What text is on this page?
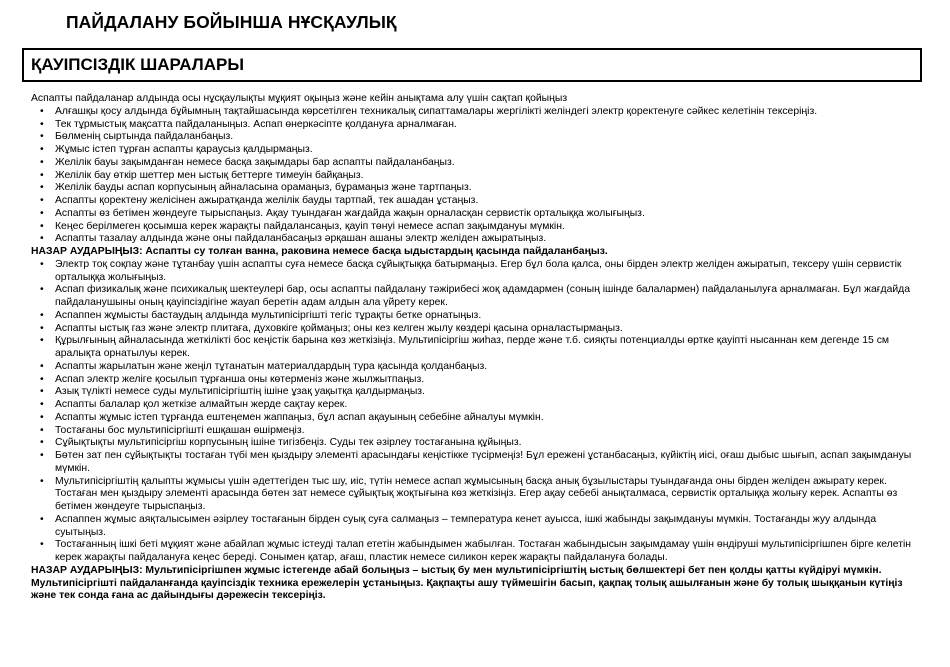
ПАЙДАЛАНУ БОЙЫНША НҰСҚАУЛЫҚ
ҚАУІПСІЗДІК ШАРАЛАРЫ

Аспапты пайдаланар алдында осы нұсқаулықты мұқият оқыңыз және кейін анықтама алу үшін сақтап қойыңыз

• Алғашқы қосу алдында бұйымның тақтайшасында көрсетілген техникалық сипаттамалары жергілікті желіндегі электр қоректенуге сәйкес келетінін тексеріңіз.
• Тек тұрмыстық мақсатта пайдаланыңыз. Аспап өнеркәсіпте қолдануға арналмаған.
• Бөлменің сыртында пайдаланбаңыз.
• Жұмыс істеп тұрған аспапты қараусыз қалдырмаңыз.
• Желілік бауы зақымданған немесе басқа зақымдары бар аспапты пайдаланбаңыз.
• Желілік бау өткір шеттер мен ыстық беттерге тимеуін байқаңыз.
• Желілік бауды аспап корпусының айналасына орамаңыз, бұрамаңыз және тартпаңыз.
• Аспапты қоректену желісінен ажыратқанда желілік бауды тартпай, тек ашадан ұстаңыз.
• Аспапты өз бетімен жөндеуге тырыспаңыз. Ақау туындаған жағдайда жақын орналасқан сервистік орталыққа жолығыңыз.
• Кеңес берілмеген қосымша керек жарақты пайдалансаңыз, қауіп төнуі немесе аспап зақымдануы мүмкін.
• Аспапты тазалау алдында және оны пайдаланбасаңыз әрқашан ашаны электр желіден ажыратыңыз.

НАЗАР АУДАРЫҢЫЗ: Аспапты су толған ванна, раковина немесе басқа ыдыстардың қасында пайдаланбаңыз.

• Электр тоқ соқпау және тұтанбау үшін аспапты суға немесе басқа сұйықтыққа батырмаңыз. Егер бұл бола қалса, оны бірден электр желіден ажыратып, тексеру үшін сервистік орталыққа жолығыңыз.
• Аспап физикалық және психикалық шектеулері бар, осы аспапты пайдалану тәжірибесі жоқ адамдармен (соның ішінде балалармен) пайдаланылуға арналмаған. Бұл жағдайда пайдаланушыны оның қауіпсіздігіне жауап беретін адам алдын ала үйрету керек.
• Аспаппен жұмысты бастаудың алдында мультипісіргішті тегіс тұрақты бетке орнатыңыз.
• Аспапты ыстық газ және электр плитаға, духовкіге қоймаңыз; оны кез келген жылу көздері қасына орналастырмаңыз.
• Құрылғының айналасында жеткілікті бос кеңістік барына көз жеткізіңіз. Мультипісіргіш жиһаз, перде және т.б. сияқты потенциалды өртке қауіпті нысаннан кем дегенде 15 см аралықта орнатылуы керек.
• Аспапты жарылатын және жеңіл тұтанатын материалдардың тура қасында қолданбаңыз.
• Аспап электр желіге қосылып тұрғанша оны көтерменіз және жылжытпаңыз.
• Азық түлікті немесе суды мультипісіргіштің ішіне ұзақ уақытқа қалдырмаңыз.
• Аспапты балалар қол жеткізе алмайтын жерде сақтау керек.
• Аспапты жұмыс істеп тұрғанда ештеңемен жаппаңыз, бұл аспап ақауының себебіне айналуы мүмкін.
• Тостағаны бос мультипісіргішті ешқашан өшірмеңіз.
• Сұйықтықты мультипісіргіш корпусының ішіне тигізбеңіз. Суды тек әзірлеу тостағанына құйыңыз.
• Бөтен зат пен сұйықтықты тостаған түбі мен қыздыру элементі арасындағы кеңістікке түсірмеңіз! Бұл ережені ұстанбасаңыз, күйіктің иісі, оғаш дыбыс шығып, аспап зақымдануы мүмкін.
• Мультипісіргіштің қалыпты жұмысы үшін әдеттегіден тыс шу, иіс, түтін немесе аспап жұмысының басқа анық бұзылыстары туындағанда оны бірден желіден ажырату керек. Тостаған мен қыздыру элементі арасында бөтен зат немесе сұйықтық жоқтығына көз жеткізіңіз. Егер ақау себебі анықталмаса, сервистік орталыққа жолығу керек. Аспапты өз бетімен жөндеуге тырыспаңыз.
• Аспаппен жұмыс аяқталысымен әзірлеу тостағанын бірден суық суға салмаңыз – температура кенет ауысса, ішкі жабынды зақымдануы мүмкін. Тостағанды жуу алдында суытыңыз.
• Тостағанның ішкі беті мұқият және абайлап жұмыс істеуді талап ететін жабындымен жабылған. Тостаған жабындысын зақымдамау үшін өндіруші мультипісіргішпен бірге келетін керек жарақты пайдалануға кеңес береді. Сонымен қатар, ағаш, пластик немесе силикон керек жарақты пайдалануға болады.

НАЗАР АУДАРЫҢЫЗ: Мультипісіргішпен жұмыс істегенде абай болыңыз – ыстық бу мен мультипісіргіштің ыстық бөлшектері бет пен қолды қатты күйдіруі мүмкін. Мультипісіргішті пайдаланғанда қауіпсіздік техника ережелерін ұстаныңыз. Қақпақты ашу түймешігін басып, қақпақ толық ашылғанын және бу толық шыққанын күтіңіз және тек сонда ғана ас дайындығы дәрежесін тексеріңіз.
